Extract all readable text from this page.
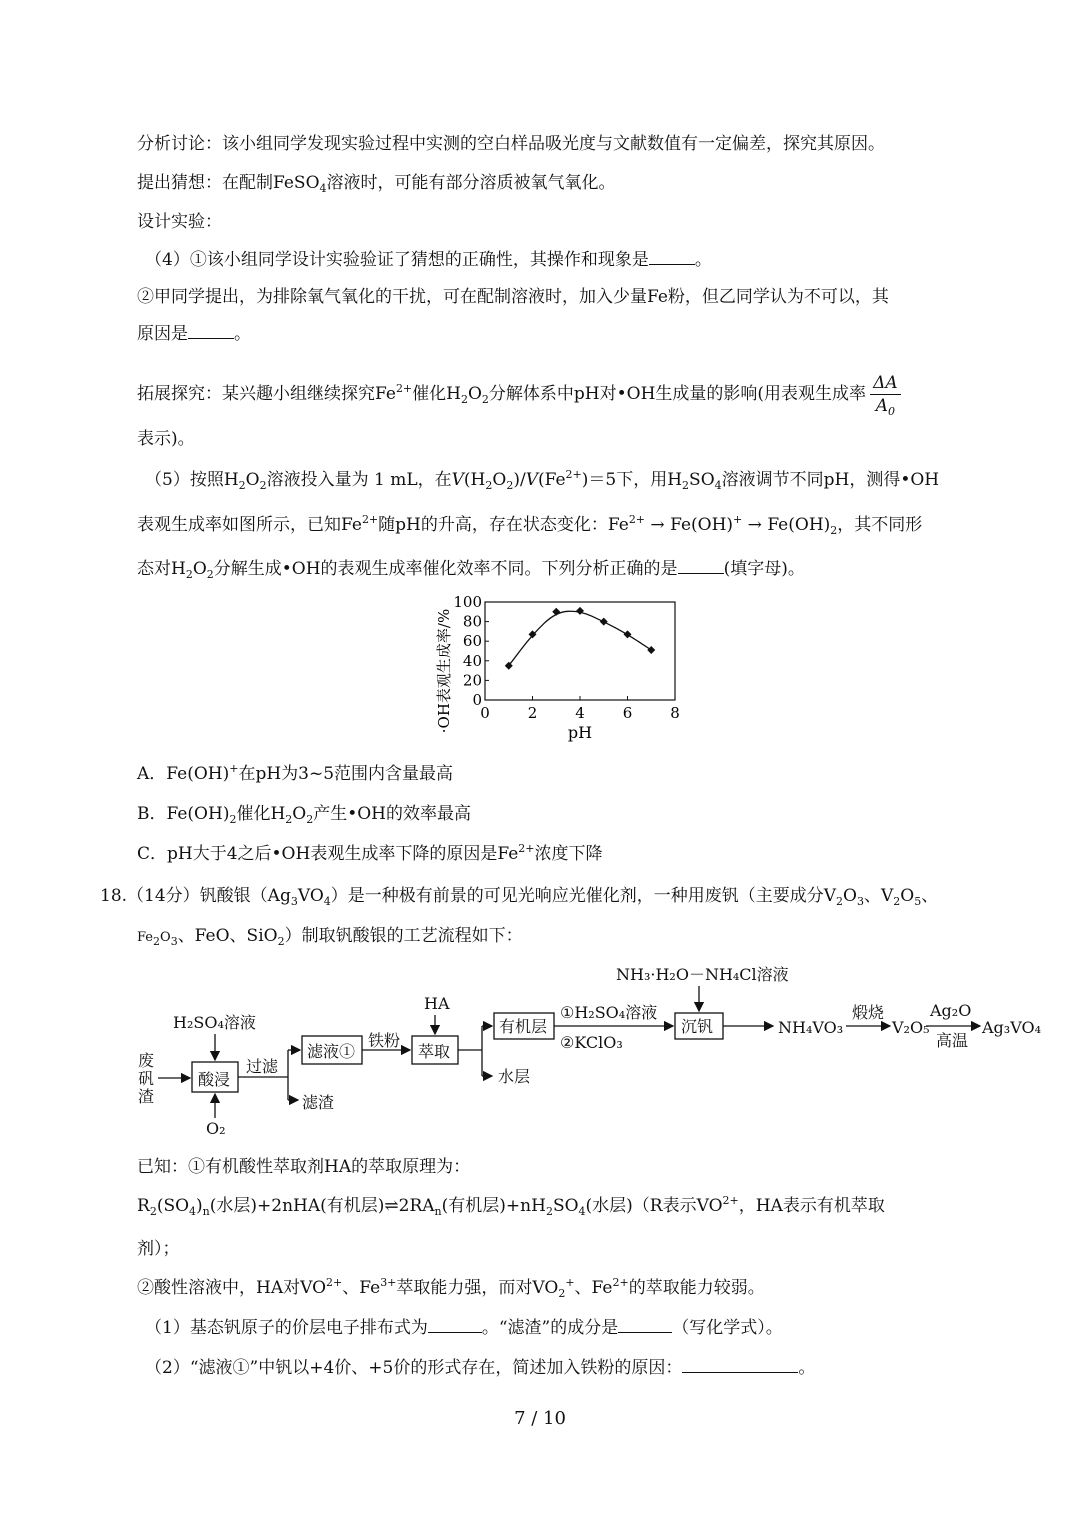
分析讨论：该小组同学发现实验过程中实测的空白样品吸光度与文献数值有一定偏差，探究其原因。
提出猜想：在配制FeSO$_4$溶液时，可能有部分溶质被氧气氧化。
设计实验：
（4）①该小组同学设计实验验证了猜想的正确性，其操作和现象是	。
②甲同学提出，为排除氧气氧化的干扰，可在配制溶液时，加入少量Fe粉，但乙同学认为不可以，其
原因是	。
拓展探究：某兴趣小组继续探究$Fe^{2+}$催化$H_2O_2$分解体系中pH对•OH生成量的影响(用表观生成率 $\frac{\Delta A}{A_0}$
表示)。
（5）按照$H_2O_2$溶液投入量为 1 mL，在$V(H_2O_2)/V(Fe^{2+})=5$下，用$H_2SO_4$溶液调节不同pH，测得•OH
表观生成率如图所示，已知$Fe^{2+}$随pH的升高，存在状态变化：$Fe^{2+} \to Fe(OH)^+ \to Fe(OH)_2$，其不同形
态对$H_2O_2$分解生成•OH的表观生成率催化效率不同。下列分析正确的是	(填字母)。
0
20
40
60
80
100
0	2	4	6	8
pH
·OH表观生成率/%
A．Fe(OH)+在pH为3~5范围内含量最高
B．$Fe(OH)_2$催化$H_2O_2$产生•OH的效率最高
C．pH大于4之后•OH表观生成率下降的原因是$Fe^{2+}$浓度下降
18.（14分）钒酸银$(Ag_3VO_4)$是一种极有前景的可见光响应光催化剂，一种用废钒（主要成分$V_2O_3$、$V_2O_5$、
$Fe_2O_3$、FeO、SiO$_2$）制取钒酸银的工艺流程如下：
废
矾
渣
H₂SO₄溶液
酸浸
O₂
过滤
滤液①
滤渣
铁粉
HA
萃取
有机层
水层
①H₂SO₄溶液
②KClO₃
NH₃·H₂O－NH₄Cl溶液
沉钒	NH₄VO₃
煅烧
V₂O₅
Ag₂O
高温
Ag₃VO₄
已知：①有机酸性萃取剂HA的萃取原理为：
$R_2(SO_4)_n$(水层)+2nHA(有机层)$\rightleftharpoons 2RA_n$(有机层)$+nH_2SO_4$(水层)（R表示$VO^{2+}$，HA表示有机萃取
剂）；
②酸性溶液中，HA对$VO^{2+}$、$Fe^{3+}$萃取能力强，而对$VO_2^+$、$Fe^{2+}$的萃取能力较弱。
（1）基态钒原子的价层电子排布式为	。“滤渣”的成分是	（写化学式）。
（2）“滤液①”中钒以+4价、+5价的形式存在，简述加入铁粉的原因：	。
7 / 10
